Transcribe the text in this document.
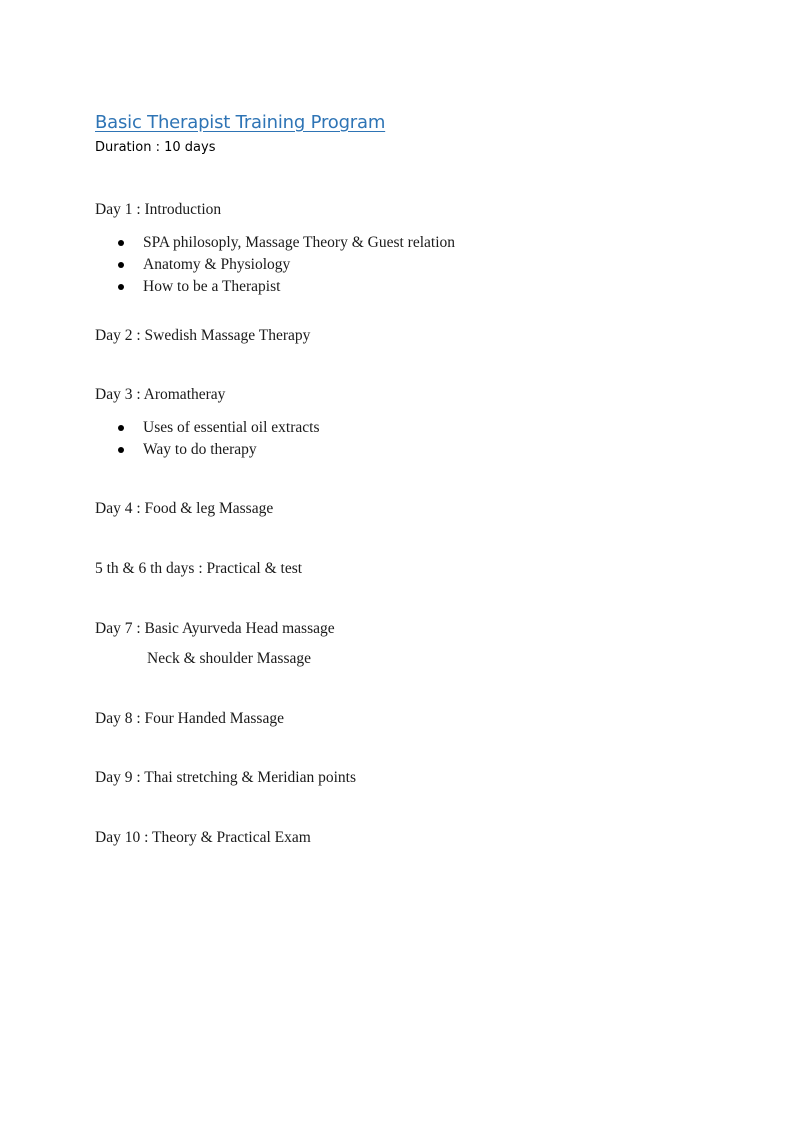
Basic Therapist Training Program
Duration : 10 days
Day 1 : Introduction
SPA philosoply, Massage Theory & Guest relation
Anatomy & Physiology
How to be a Therapist
Day 2 : Swedish Massage Therapy
Day 3 : Aromatheray
Uses of essential oil extracts
Way to do therapy
Day 4 : Food & leg Massage
5 th & 6 th days : Practical & test
Day 7 : Basic Ayurveda Head massage
Neck & shoulder Massage
Day 8 : Four Handed Massage
Day 9 : Thai stretching & Meridian points
Day 10 : Theory & Practical Exam
